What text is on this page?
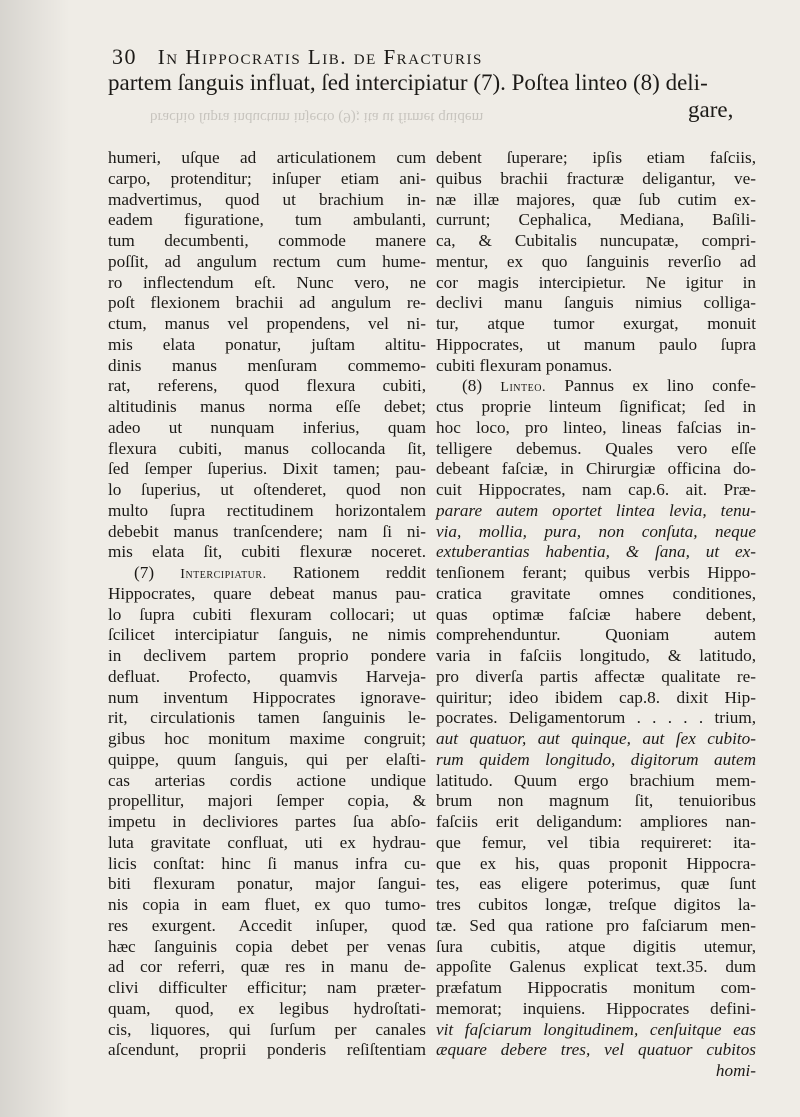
30 In Hippocratis Lib. de Fracturis
partem ſanguis influat, ſed intercipiatur (7). Poſtea linteo (8) deli-
gare,
brachio ſupra inductum injecto (9); ita ut firmet quidem
humeri, uſque ad articulationem cum
carpo, protenditur; inſuper etiam ani-
madvertimus, quod ut brachium in-
eadem figuratione, tum ambulanti,
tum decumbenti, commode manere
poſſit, ad angulum rectum cum hume-
ro inflectendum eſt. Nunc vero, ne
poſt flexionem brachii ad angulum re-
ctum, manus vel propendens, vel ni-
mis elata ponatur, juſtam altitu-
dinis manus menſuram commemo-
rat, referens, quod flexura cubiti,
altitudinis manus norma eſſe debet;
adeo ut nunquam inferius, quam
flexura cubiti, manus collocanda ſit,
ſed ſemper ſuperius. Dixit tamen; pau-
lo ſuperius, ut oſtenderet, quod non
multo ſupra rectitudinem horizontalem
debebit manus tranſcendere; nam ſi ni-
mis elata ſit, cubiti flexuræ noceret.
(7) Intercipiatur. Rationem reddit
Hippocrates, quare debeat manus pau-
lo ſupra cubiti flexuram collocari; ut
ſcilicet intercipiatur ſanguis, ne nimis
in declivem partem proprio pondere
defluat. Profecto, quamvis Harveja-
num inventum Hippocrates ignorave-
rit, circulationis tamen ſanguinis le-
gibus hoc monitum maxime congruit;
quippe, quum ſanguis, qui per elaſti-
cas arterias cordis actione undique
propellitur, majori ſemper copia, &
impetu in decliviores partes ſua abſo-
luta gravitate confluat, uti ex hydrau-
licis conſtat: hinc ſi manus infra cu-
biti flexuram ponatur, major ſangui-
nis copia in eam fluet, ex quo tumo-
res exurgent. Accedit inſuper, quod
hæc ſanguinis copia debet per venas
ad cor referri, quæ res in manu de-
clivi difficulter efficitur; nam præter-
quam, quod, ex legibus hydroſtati-
cis, liquores, qui ſurſum per canales
aſcendunt, proprii ponderis reſiſtentiam
debent ſuperare; ipſis etiam faſciis,
quibus brachii fracturæ deligantur, ve-
næ illæ majores, quæ ſub cutim ex-
currunt; Cephalica, Mediana, Baſili-
ca, & Cubitalis nuncupatæ, compri-
mentur, ex quo ſanguinis reverſio ad
cor magis intercipietur. Ne igitur in
declivi manu ſanguis nimius colliga-
tur, atque tumor exurgat, monuit
Hippocrates, ut manum paulo ſupra
cubiti flexuram ponamus.
(8) Linteo. Pannus ex lino confe-
ctus proprie linteum ſignificat; ſed in
hoc loco, pro linteo, lineas faſcias in-
telligere debemus. Quales vero eſſe
debeant faſciæ, in Chirurgiæ officina do-
cuit Hippocrates, nam cap.6. ait. Præ-
parare autem oportet lintea levia, tenu-
via, mollia, pura, non conſuta, neque
extuberantias habentia, & ſana, ut ex-
tenſionem ferant; quibus verbis Hippo-
cratica gravitate omnes conditiones,
quas optimæ faſciæ habere debent,
comprehenduntur. Quoniam autem
varia in faſciis longitudo, & latitudo,
pro diverſa partis affectæ qualitate re-
quiritur; ideo ibidem cap.8. dixit Hip-
pocrates. Deligamentorum . . . . . trium,
aut quatuor, aut quinque, aut ſex cubito-
rum quidem longitudo, digitorum autem
latitudo. Quum ergo brachium mem-
brum non magnum ſit, tenuioribus
faſciis erit deligandum: ampliores nan-
que femur, vel tibia requireret: ita-
que ex his, quas proponit Hippocra-
tes, eas eligere poterimus, quæ ſunt
tres cubitos longæ, treſque digitos la-
tæ. Sed qua ratione pro faſciarum men-
ſura cubitis, atque digitis utemur,
appoſite Galenus explicat text.35. dum
præfatum Hippocratis monitum com-
memorat; inquiens. Hippocrates defini-
vit faſciarum longitudinem, cenſuitque eas
æquare debere tres, vel quatuor cubitos
homi-
